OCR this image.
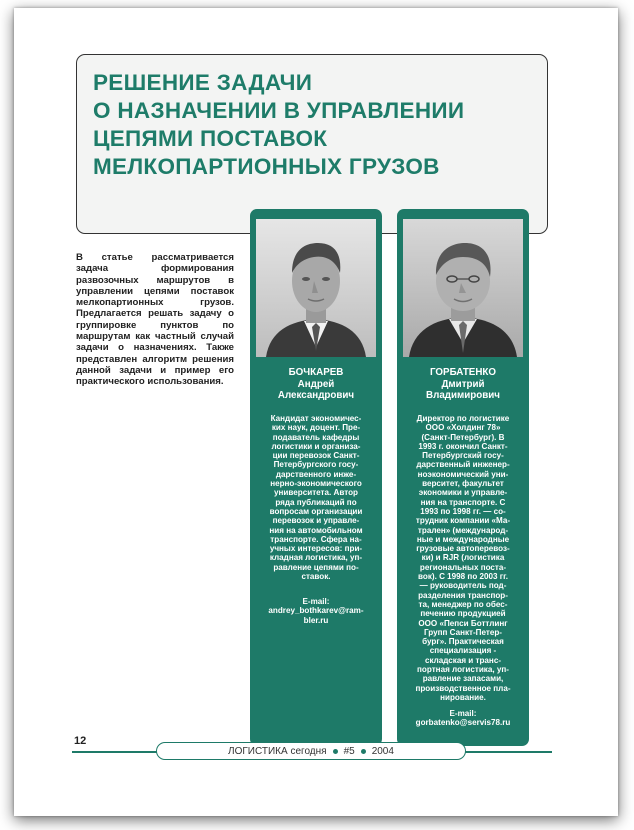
РЕШЕНИЕ ЗАДАЧИ
О НАЗНАЧЕНИИ В УПРАВЛЕНИИ
ЦЕПЯМИ ПОСТАВОК
МЕЛКОПАРТИОННЫХ ГРУЗОВ

В статье рассматривается задача формирования развозочных маршрутов в управлении цепями поставок мелкопартионных грузов. Предлагается решать задачу о группировке пунктов по маршрутам как частный случай задачи о назначениях. Также представлен алгоритм решения данной задачи и пример его практического использования.

БОЧКАРЕВ
Андрей
Александрович

Кандидат экономичес-
ких наук, доцент. Пре-
подаватель кафедры
логистики и организа-
ции перевозок Санкт-
Петербургского госу-
дарственного инже-
нерно-экономического
университета. Автор
ряда публикаций по
вопросам организации
перевозок и управле-
ния на автомобильном
транспорте. Сфера на-
учных интересов: при-
кладная логистика, уп-
равление цепями по-
ставок.

E-mail:
andrey_bothkarev@ram-
bler.ru
ГОРБАТЕНКО
Дмитрий
Владимирович

Директор по логистике
ООО «Холдинг 78»
(Санкт-Петербург). В
1993 г. окончил Санкт-
Петербургский госу-
дарственный инженер-
ноэкономический уни-
верситет, факультет
экономики и управле-
ния на транспорте. С
1993 по 1998 гг. — со-
трудник компании «Ма-
трален» (международ-
ные и международные
грузовые автоперевоз-
ки) и RJR (логистика
региональных поста-
вок). С 1998 по 2003 гг.
— руководитель под-
разделения транспор-
та, менеджер по обес-
печению продукцией
ООО «Пепси Боттлинг
Групп Санкт-Петер-
бург». Практическая
специализация -
складская и транс-
портная логистика, уп-
равление запасами,
производственное пла-
нирование.

E-mail:
gorbatenko@servis78.ru
12
ЛОГИСТИКА сегодня #5 2004
